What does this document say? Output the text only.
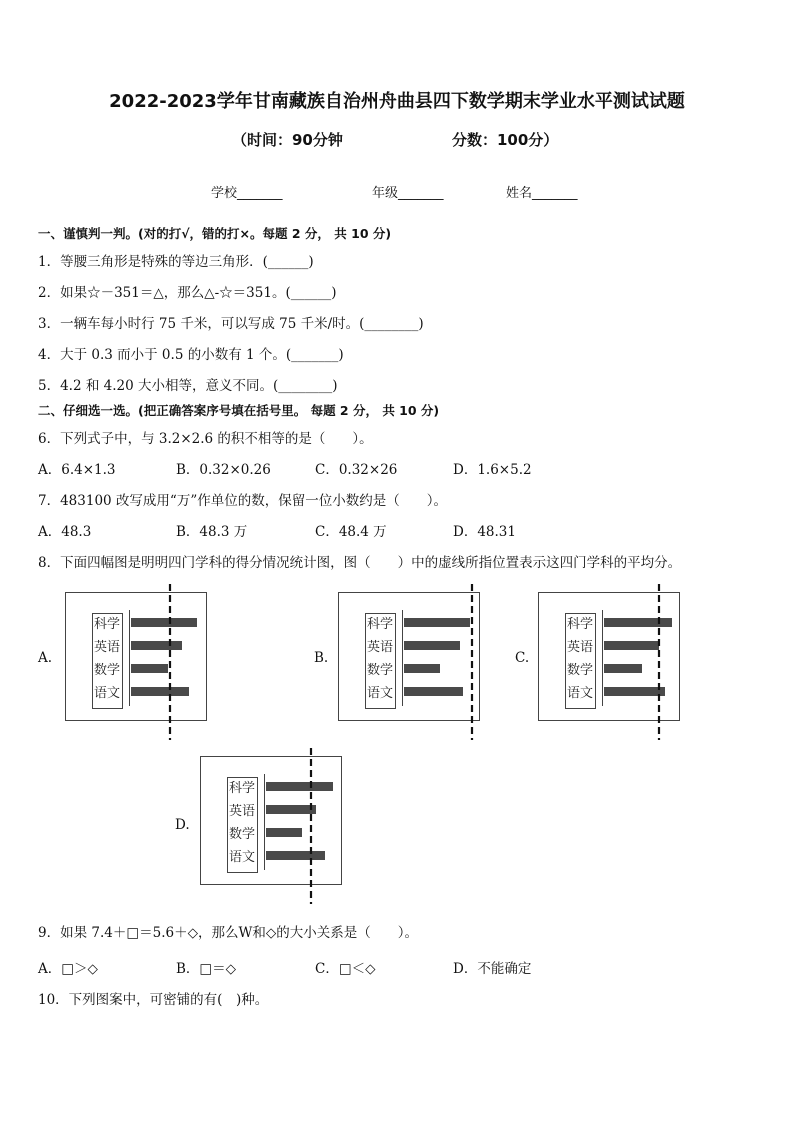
2022-2023学年甘南藏族自治州舟曲县四下数学期末学业水平测试试题
（时间：90分钟	分数：100分）
学校_______	年级_______	姓名_______
一、谨慎判一判。(对的打√，错的打×。每题 2 分， 共 10 分)
1．等腰三角形是特殊的等边三角形．(______)
2．如果☆－351＝△，那么△-☆＝351。(______)
3．一辆车每小时行 75 千米，可以写成 75 千米/时。(________)
4．大于 0.3 而小于 0.5 的小数有 1 个。(_______)
5．4.2 和 4.20 大小相等，意义不同。(________)
二、仔细选一选。(把正确答案序号填在括号里。 每题 2 分， 共 10 分)
6．下列式子中，与 3.2×2.6 的积不相等的是（　　）。
A．6.4×1.3	B．0.32×0.26	C．0.32×26	D．1.6×5.2
7．483100 改写成用“万”作单位的数，保留一位小数约是（　　）。
A．48.3	B．48.3 万	C．48.4 万	D．48.31
8．下面四幅图是明明四门学科的得分情况统计图，图（　　）中的虚线所指位置表示这四门学科的平均分。
A.	B.	C.
D.
科学
英语
数学
语文
科学
英语
数学
语文
科学
英语
数学
语文
科学
英语
数学
语文
9．如果 7.4＋□＝5.6＋◇，那么W和◇的大小关系是（　　）。
A．□＞◇	B．□＝◇	C．□＜◇	D．不能确定
10．下列图案中，可密铺的有(　)种。
